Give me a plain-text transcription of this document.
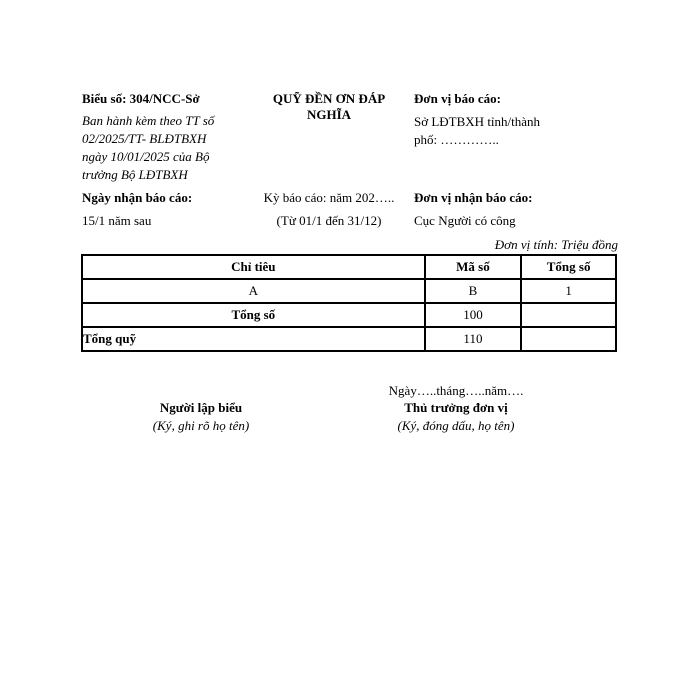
Biểu số: 304/NCC-Sở
Ban hành kèm theo TT số
02/2025/TT- BLĐTBXH
ngày 10/01/2025 của Bộ
trưởng Bộ LĐTBXH
QUỸ ĐỀN ƠN ĐÁP
NGHĨA
Đơn vị báo cáo:
Sở LĐTBXH tỉnh/thành
phố: …………..
Ngày nhận báo cáo:
15/1 năm sau
Kỳ báo cáo: năm 202…..
(Từ 01/1 đến 31/12)
Đơn vị nhận báo cáo:
Cục Người có công
Đơn vị tính: Triệu đồng
Chỉ tiêu	Mã số	Tổng số
A	B	1
Tổng số	100	
Tổng quỹ	110	
Ngày…..tháng…..năm….
Người lập biểu
(Ký, ghi rõ họ tên)
Thủ trưởng đơn vị
(Ký, đóng dấu, họ tên)
